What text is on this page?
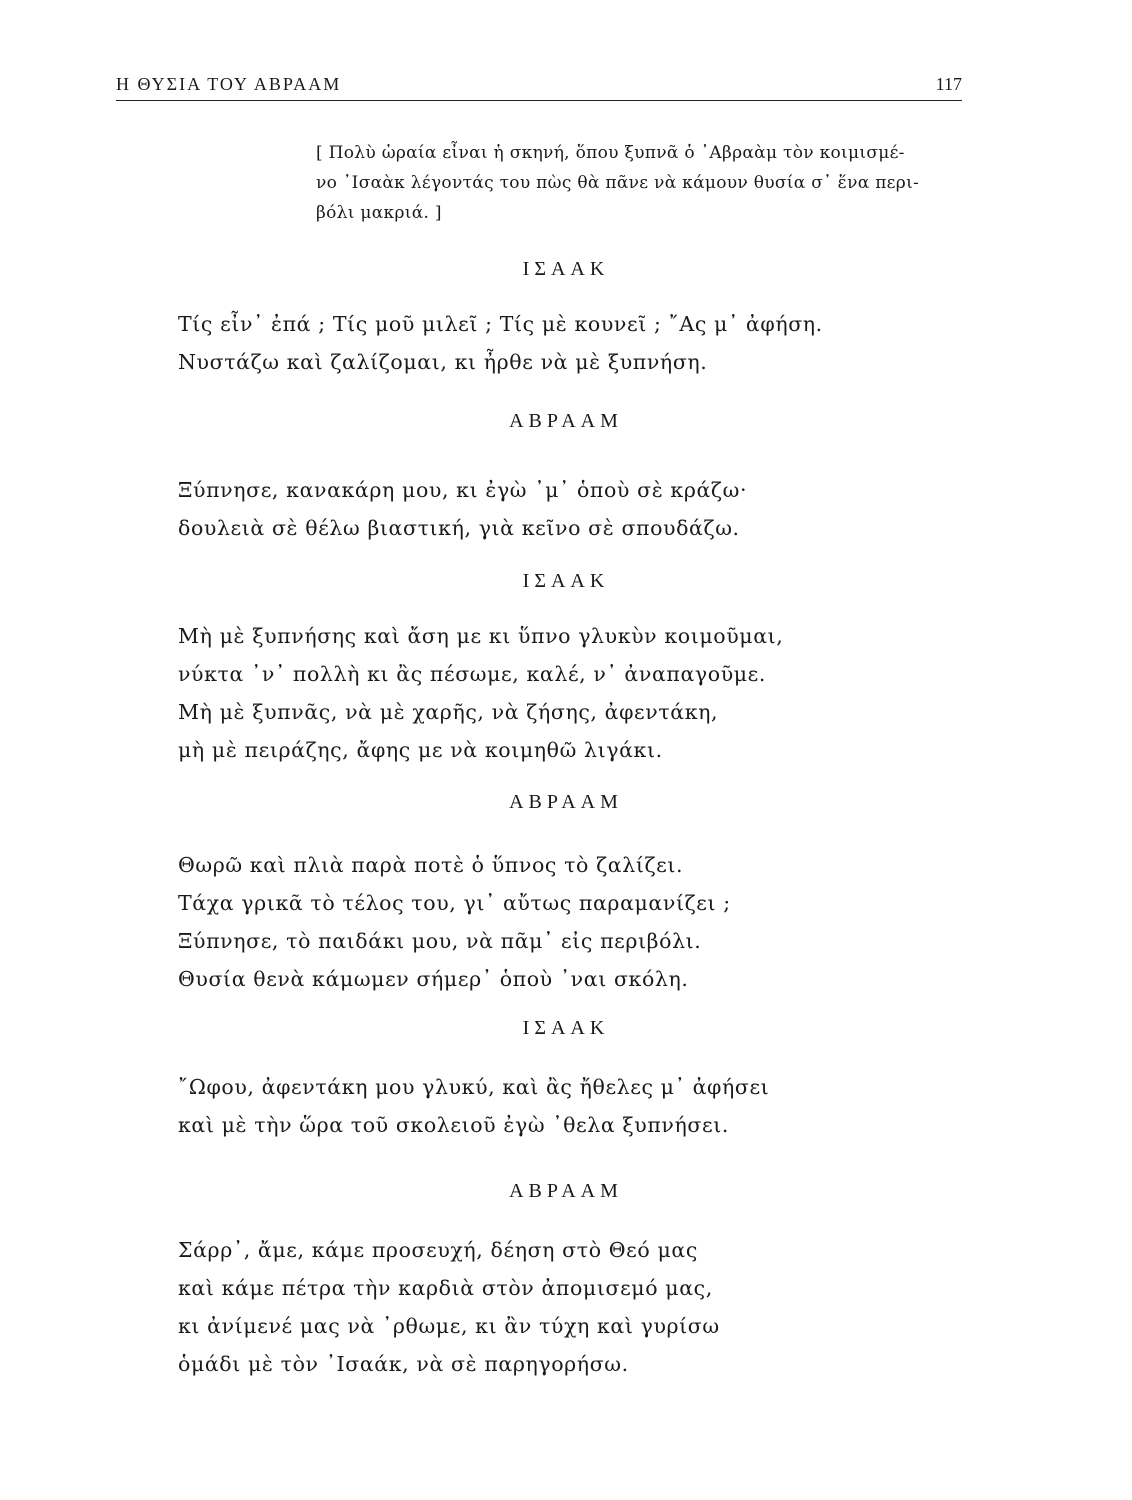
Η ΘΥΣΙΑ ΤΟΥ ΑΒΡΑΑΜ	117
[ Πολὺ ὡραία εἶναι ἡ σκηνή, ὅπου ξυπνᾶ ὁ ᾿Αβραὰμ τὸν κοιμισμέ-
νο ᾿Ισαὰκ λέγοντάς του πὼς θὰ πᾶνε νὰ κάμουν θυσία σ᾿ ἕνα περι-
βόλι μακριά. ]
ΙΣΑΑΚ
Τίς εἶν᾿ ἐπά ; Τίς μοῦ μιλεῖ ; Τίς μὲ κουνεῖ ; ῎Ας μ᾿ ἀφήση.
Νυστάζω καὶ ζαλίζομαι, κι ἦρθε νὰ μὲ ξυπνήση.
ΑΒΡΑΑΜ
Ξύπνησε, κανακάρη μου, κι ἐγὼ ᾿μ᾿ ὁποὺ σὲ κράζω·
δουλειὰ σὲ θέλω βιαστική, γιὰ κεῖνο σὲ σπουδάζω.
ΙΣΑΑΚ
Μὴ μὲ ξυπνήσης καὶ ἄση με κι ὕπνο γλυκὺν κοιμοῦμαι,
νύκτα ᾿ν᾿ πολλὴ κι ἂς πέσωμε, καλέ, ν᾿ ἀναπαγοῦμε.
Μὴ μὲ ξυπνᾶς, νὰ μὲ χαρῆς, νὰ ζήσης, ἀφεντάκη,
μὴ μὲ πειράζης, ἄφης με νὰ κοιμηθῶ λιγάκι.
ΑΒΡΑΑΜ
Θωρῶ καὶ πλιὰ παρὰ ποτὲ ὁ ὕπνος τὸ ζαλίζει.
Τάχα γρικᾶ τὸ τέλος του, γι᾿ αὔτως παραμανίζει ;
Ξύπνησε, τὸ παιδάκι μου, νὰ πᾶμ᾿ εἰς περιβόλι.
Θυσία θενὰ κάμωμεν σήμερ᾿ ὁποὺ ᾿ναι σκόλη.
ΙΣΑΑΚ
῎Ωφου, ἀφεντάκη μου γλυκύ, καὶ ἂς ἤθελες μ᾿ ἀφήσει
καὶ μὲ τὴν ὥρα τοῦ σκολειοῦ ἐγὼ ᾿θελα ξυπνήσει.
ΑΒΡΑΑΜ
Σάρρ᾿, ἄμε, κάμε προσευχή, δέηση στὸ Θεό μας
καὶ κάμε πέτρα τὴν καρδιὰ στὸν ἀπομισεμό μας,
κι ἀνίμενέ μας νὰ ᾿ρθωμε, κι ἂν τύχη καὶ γυρίσω
ὁμάδι μὲ τὸν ᾿Ισαάκ, νὰ σὲ παρηγορήσω.
